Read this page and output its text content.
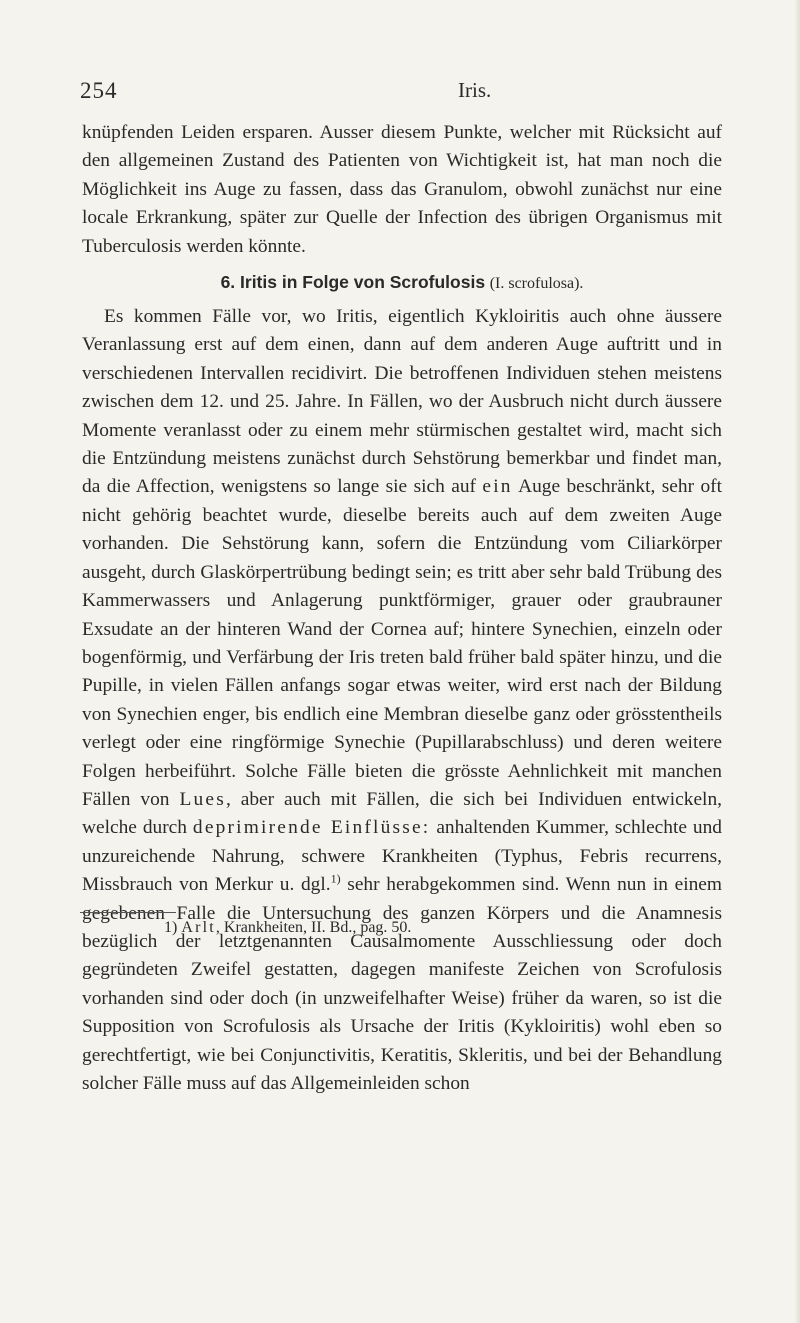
254	Iris.

knüpfenden Leiden ersparen. Ausser diesem Punkte, welcher mit Rücksicht auf den allgemeinen Zustand des Patienten von Wichtigkeit ist, hat man noch die Möglichkeit ins Auge zu fassen, dass das Granulom, obwohl zunächst nur eine locale Erkrankung, später zur Quelle der Infection des übrigen Organismus mit Tuberculosis werden könnte.

6. Iritis in Folge von Scrofulosis (I. scrofulosa).

Es kommen Fälle vor, wo Iritis, eigentlich Kykloiritis auch ohne äussere Veranlassung erst auf dem einen, dann auf dem anderen Auge auftritt und in verschiedenen Intervallen recidivirt. Die betroffenen Individuen stehen meistens zwischen dem 12. und 25. Jahre. In Fällen, wo der Ausbruch nicht durch äussere Momente veranlasst oder zu einem mehr stürmischen gestaltet wird, macht sich die Entzündung meistens zunächst durch Sehstörung bemerkbar und findet man, da die Affection, wenigstens so lange sie sich auf ein Auge beschränkt, sehr oft nicht gehörig beachtet wurde, dieselbe bereits auch auf dem zweiten Auge vorhanden. Die Sehstörung kann, sofern die Entzündung vom Ciliarkörper ausgeht, durch Glaskörpertrübung bedingt sein; es tritt aber sehr bald Trübung des Kammerwassers und Anlagerung punktförmiger, grauer oder graubrauner Exsudate an der hinteren Wand der Cornea auf; hintere Synechien, einzeln oder bogenförmig, und Verfärbung der Iris treten bald früher bald später hinzu, und die Pupille, in vielen Fällen anfangs sogar etwas weiter, wird erst nach der Bildung von Synechien enger, bis endlich eine Membran dieselbe ganz oder grösstentheils verlegt oder eine ringförmige Synechie (Pupillarabschluss) und deren weitere Folgen herbeiführt. Solche Fälle bieten die grösste Aehnlichkeit mit manchen Fällen von Lues, aber auch mit Fällen, die sich bei Individuen entwickeln, welche durch deprimirende Einflüsse: anhaltenden Kummer, schlechte und unzureichende Nahrung, schwere Krankheiten (Typhus, Febris recurrens, Missbrauch von Merkur u. dgl.$^{1)}$ sehr herabgekommen sind. Wenn nun in einem gegebenen Falle die Untersuchung des ganzen Körpers und die Anamnesis bezüglich der letztgenannten Causalmomente Ausschliessung oder doch gegründeten Zweifel gestatten, dagegen manifeste Zeichen von Scrofulosis vorhanden sind oder doch (in unzweifelhafter Weise) früher da waren, so ist die Supposition von Scrofulosis als Ursache der Iritis (Kykloiritis) wohl eben so gerechtfertigt, wie bei Conjunctivitis, Keratitis, Skleritis, und bei der Behandlung solcher Fälle muss auf das Allgemeinleiden schon

1) Arlt, Krankheiten, II. Bd., pag. 50.
